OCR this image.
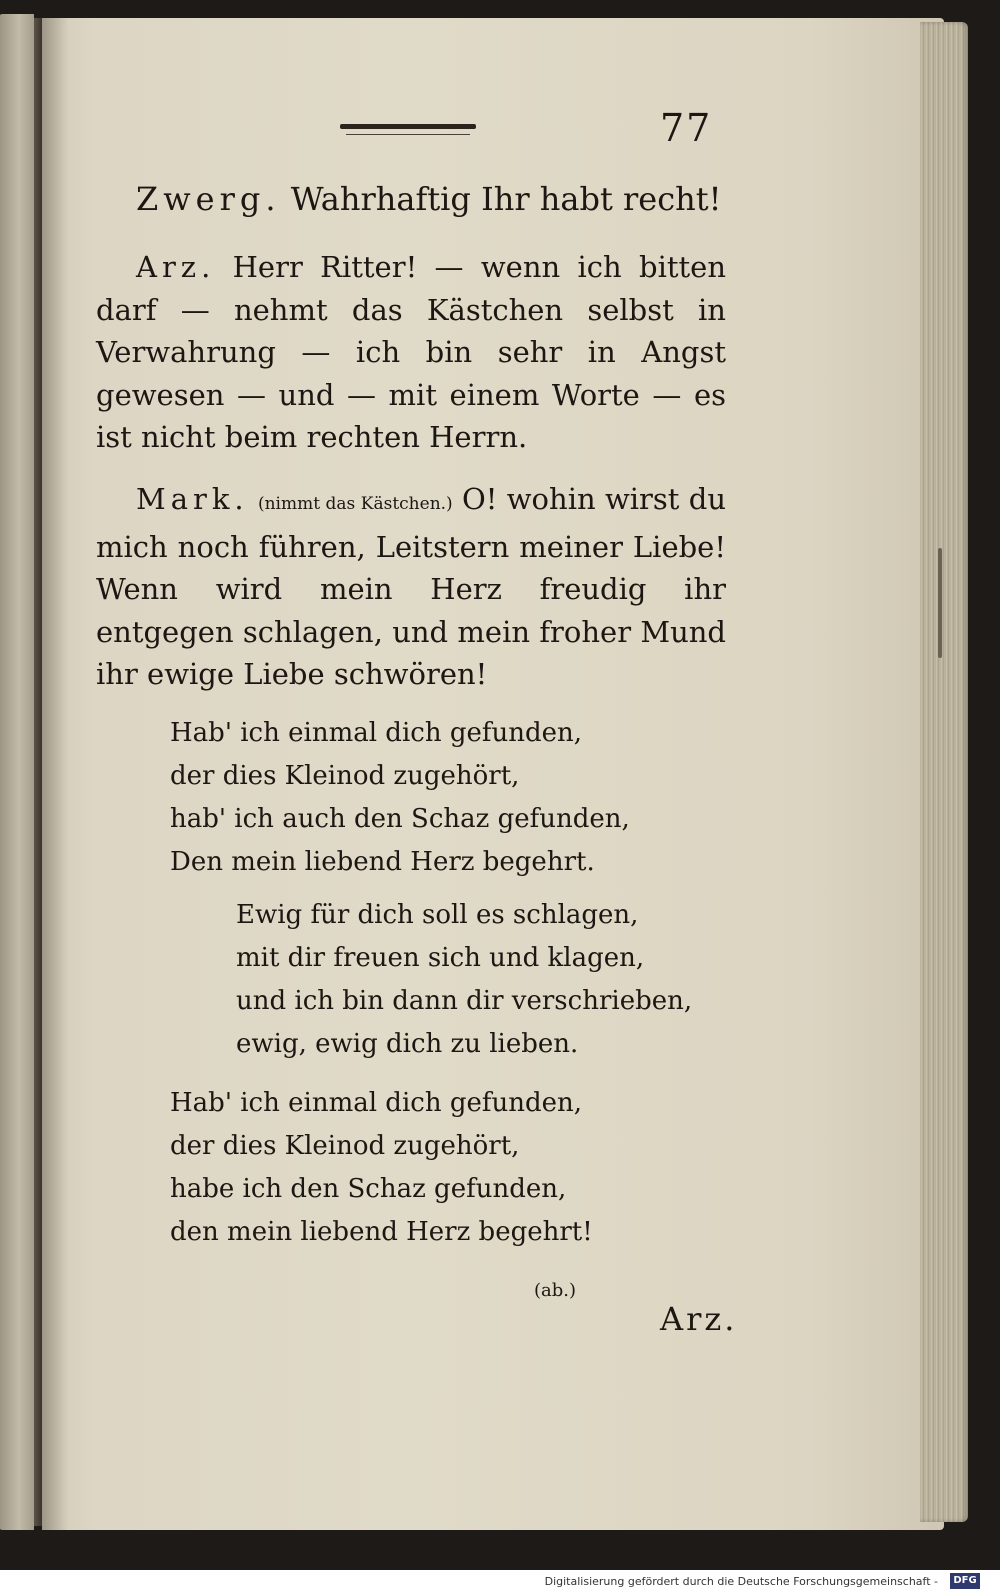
77

Zwerg. Wahrhaftig Ihr habt recht!

Arz. Herr Ritter! — wenn ich bitten darf — nehmt das Kästchen selbst in Verwahrung — ich bin sehr in Angst gewesen — und — mit einem Worte — es ist nicht beim rechten Herrn.

Mark. (nimmt das Kästchen.) O! wohin wirst du mich noch führen, Leitstern meiner Liebe! Wenn wird mein Herz freudig ihr entgegen schlagen, und mein froher Mund ihr ewige Liebe schwören!

Hab' ich einmal dich gefunden,
der dies Kleinod zugehört,
hab' ich auch den Schaz gefunden,
Den mein liebend Herz begehrt.
Ewig für dich soll es schlagen,
mit dir freuen sich und klagen,
und ich bin dann dir verschrieben,
ewig, ewig dich zu lieben.
Hab' ich einmal dich gefunden,
der dies Kleinod zugehört,
habe ich den Schaz gefunden,
den mein liebend Herz begehrt!
(ab.)
Arz.
Digitalisierung gefördert durch die Deutsche Forschungsgemeinschaft -	DFG
